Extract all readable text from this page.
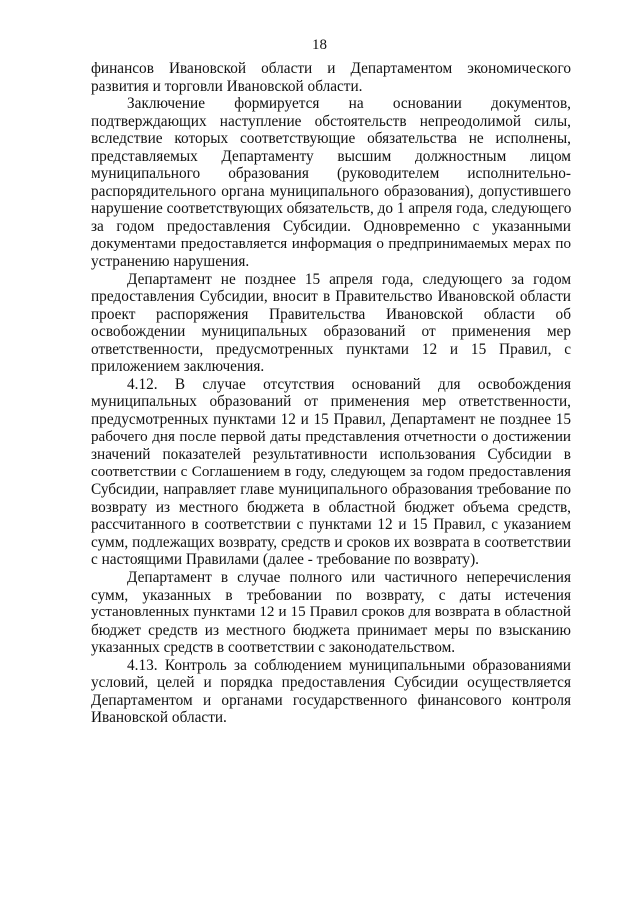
18
финансов Ивановской области и Департаментом экономического
развития и торговли Ивановской области.
Заключение формируется на основании документов,
подтверждающих наступление обстоятельств непреодолимой силы,
вследствие которых соответствующие обязательства не исполнены,
представляемых Департаменту высшим должностным лицом
муниципального образования (руководителем исполнительно-
распорядительного органа муниципального образования), допустившего
нарушение соответствующих обязательств, до 1 апреля года, следующего
за годом предоставления Субсидии. Одновременно с указанными
документами предоставляется информация о предпринимаемых мерах по
устранению нарушения.
Департамент не позднее 15 апреля года, следующего за годом
предоставления Субсидии, вносит в Правительство Ивановской области
проект распоряжения Правительства Ивановской области об
освобождении муниципальных образований от применения мер
ответственности, предусмотренных пунктами 12 и 15 Правил, с
приложением заключения.
4.12. В случае отсутствия оснований для освобождения
муниципальных образований от применения мер ответственности,
предусмотренных пунктами 12 и 15 Правил, Департамент не позднее 15
рабочего дня после первой даты представления отчетности о достижении
значений показателей результативности использования Субсидии в
соответствии с Соглашением в году, следующем за годом предоставления
Субсидии, направляет главе муниципального образования требование по
возврату из местного бюджета в областной бюджет объема средств,
рассчитанного в соответствии с пунктами 12 и 15 Правил, с указанием
сумм, подлежащих возврату, средств и сроков их возврата в соответствии
с настоящими Правилами (далее - требование по возврату).
Департамент в случае полного или частичного неперечисления
сумм, указанных в требовании по возврату, с даты истечения
установленных пунктами 12 и 15 Правил сроков для возврата в областной
бюджет средств из местного бюджета принимает меры по взысканию
указанных средств в соответствии с законодательством.
4.13. Контроль за соблюдением муниципальными образованиями
условий, целей и порядка предоставления Субсидии осуществляется
Департаментом и органами государственного финансового контроля
Ивановской области.
